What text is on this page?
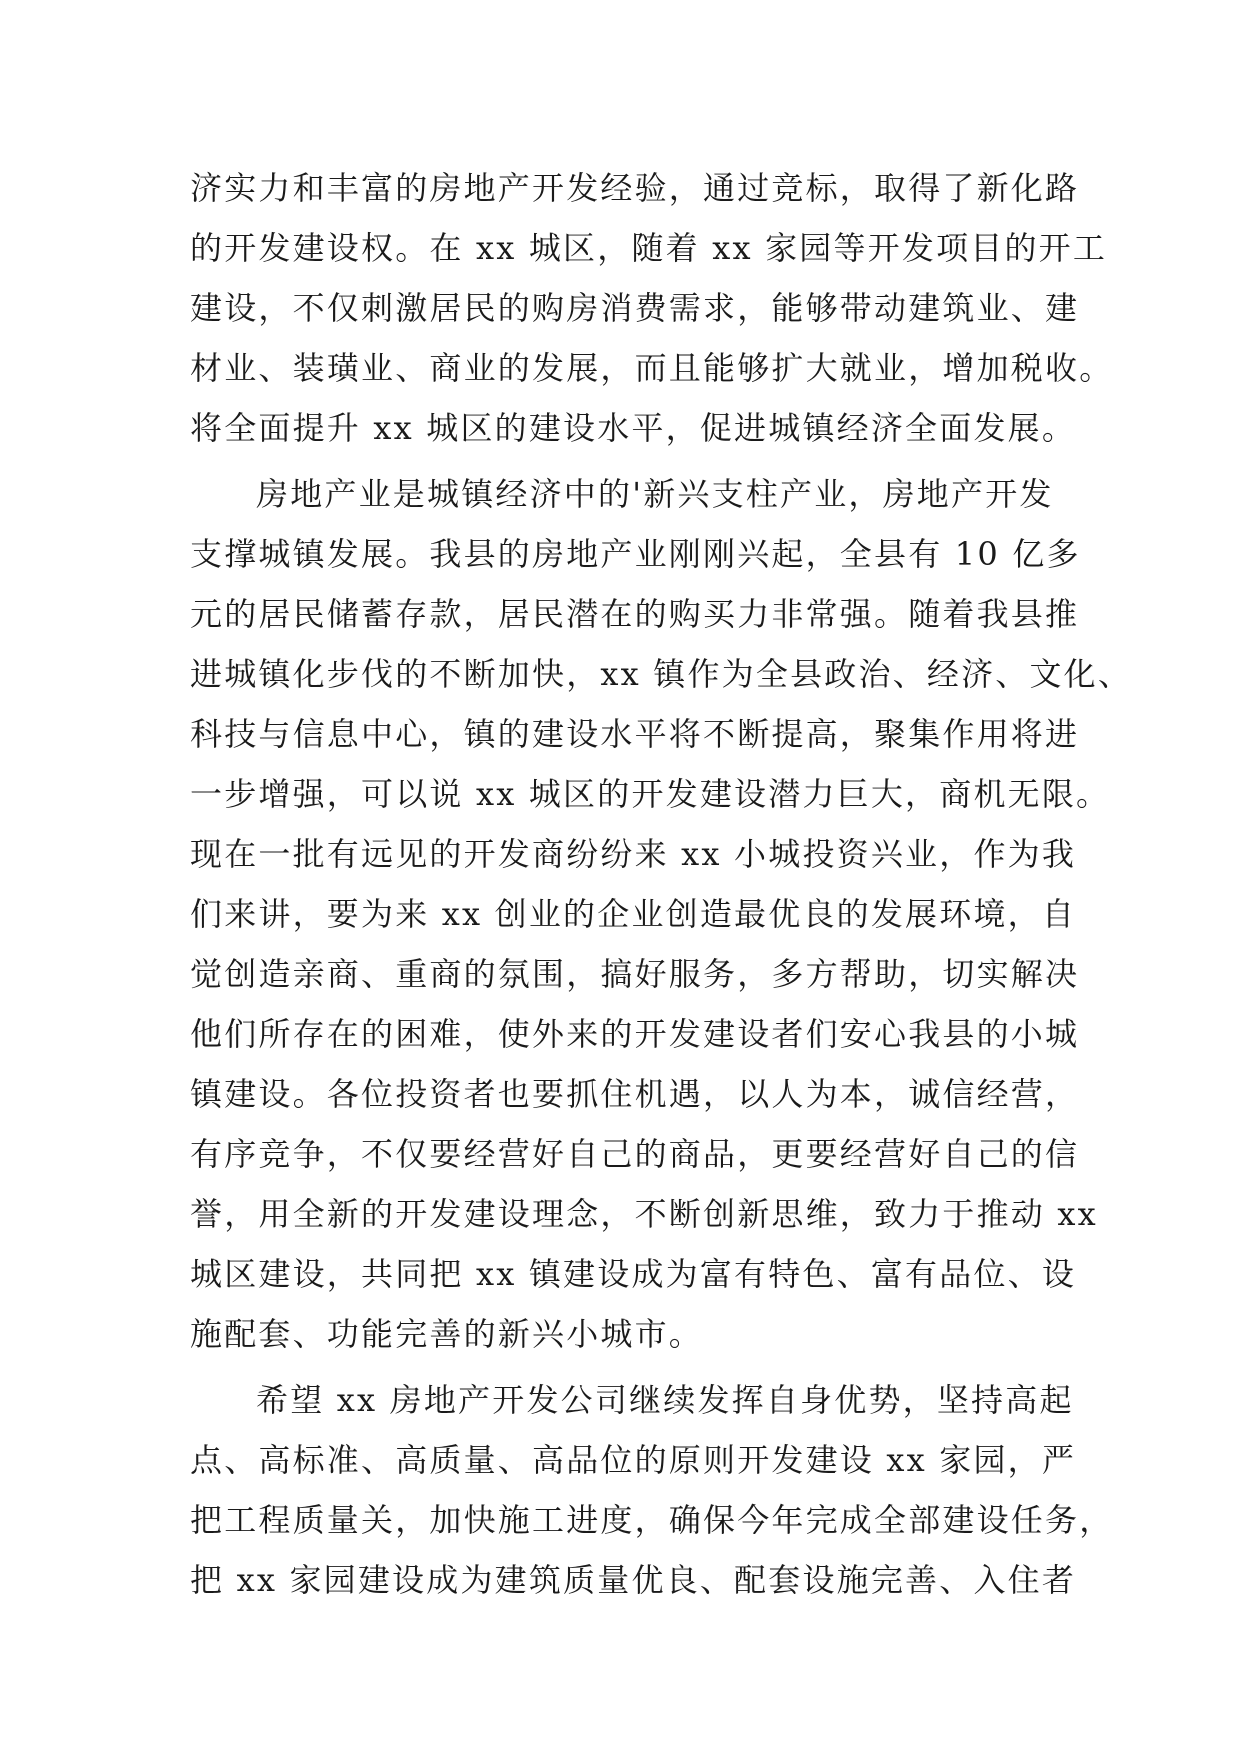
济实力和丰富的房地产开发经验，通过竞标，取得了新化路
的开发建设权。在 xx 城区，随着 xx 家园等开发项目的开工
建设，不仅刺激居民的购房消费需求，能够带动建筑业、建
材业、装璜业、商业的发展，而且能够扩大就业，增加税收。
将全面提升 xx 城区的建设水平，促进城镇经济全面发展。
房地产业是城镇经济中的'新兴支柱产业，房地产开发
支撑城镇发展。我县的房地产业刚刚兴起，全县有 10 亿多
元的居民储蓄存款，居民潜在的购买力非常强。随着我县推
进城镇化步伐的不断加快，xx 镇作为全县政治、经济、文化、
科技与信息中心，镇的建设水平将不断提高，聚集作用将进
一步增强，可以说 xx 城区的开发建设潜力巨大，商机无限。
现在一批有远见的开发商纷纷来 xx 小城投资兴业，作为我
们来讲，要为来 xx 创业的企业创造最优良的发展环境，自
觉创造亲商、重商的氛围，搞好服务，多方帮助，切实解决
他们所存在的困难，使外来的开发建设者们安心我县的小城
镇建设。各位投资者也要抓住机遇，以人为本，诚信经营，
有序竞争，不仅要经营好自己的商品，更要经营好自己的信
誉，用全新的开发建设理念，不断创新思维，致力于推动 xx
城区建设，共同把 xx 镇建设成为富有特色、富有品位、设
施配套、功能完善的新兴小城市。
希望 xx 房地产开发公司继续发挥自身优势，坚持高起
点、高标准、高质量、高品位的原则开发建设 xx 家园，严
把工程质量关，加快施工进度，确保今年完成全部建设任务，
把 xx 家园建设成为建筑质量优良、配套设施完善、入住者
